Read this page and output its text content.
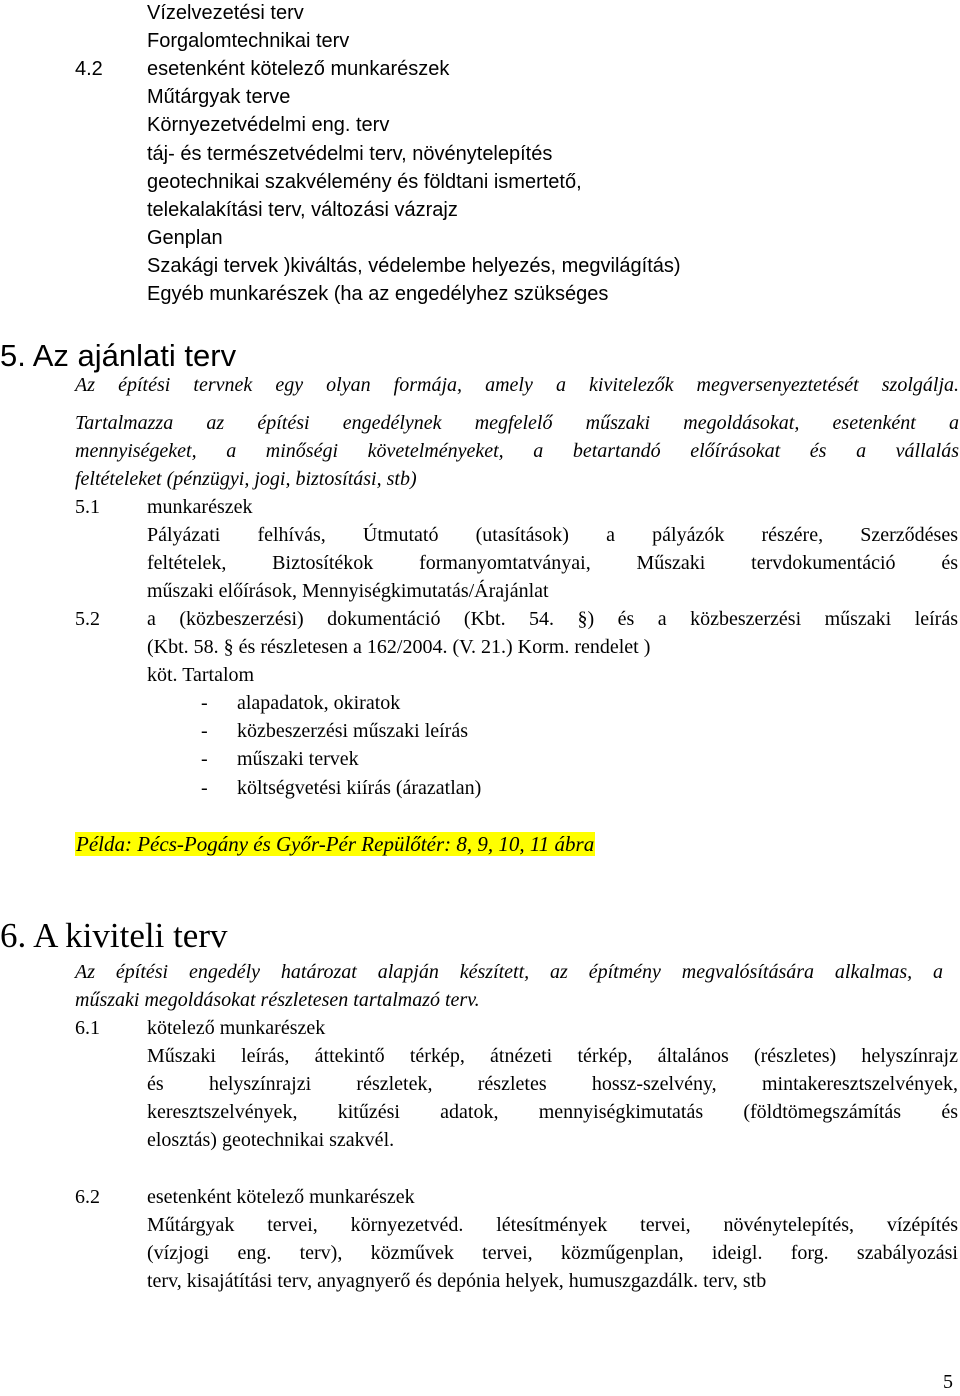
Vízelvezetési terv
Forgalomtechnikai terv
4.2 esetenként kötelező munkarészek
Műtárgyak terve
Környezetvédelmi eng. terv
táj- és természetvédelmi terv, növénytelepítés
geotechnikai szakvélemény és földtani ismertető,
telekalakítási terv, változási vázrajz
Genplan
Szakági tervek )kiváltás, védelembe helyezés, megvilágítás)
Egyéb munkarészek (ha az engedélyhez szükséges
5. Az ajánlati terv
Az építési tervnek egy olyan formája, amely a kivitelezők megversenyeztetését szolgálja.
Tartalmazza az építési engedélynek megfelelő műszaki megoldásokat, esetenként a
mennyiségeket, a minőségi követelményeket, a betartandó előírásokat és a vállalás
feltételeket (pénzügyi, jogi, biztosítási, stb)
5.1 munkarészek
Pályázati felhívás, Útmutató (utasítások) a pályázók részére, Szerződéses
feltételek, Biztosítékok formanyomtatványai, Műszaki tervdokumentáció és
műszaki előírások, Mennyiségkimutatás/Árajánlat
5.2 a (közbeszerzési) dokumentáció (Kbt. 54. §) és a közbeszerzési műszaki leírás
(Kbt. 58. § és részletesen a 162/2004. (V. 21.) Korm. rendelet )
köt. Tartalom
- alapadatok, okiratok
- közbeszerzési műszaki leírás
- műszaki tervek
- költségvetési kiírás (árazatlan)
Példa: Pécs-Pogány és Győr-Pér Repülőtér: 8, 9, 10, 11 ábra
6. A kiviteli terv
Az építési engedély határozat alapján készített, az építmény megvalósítására alkalmas, a
műszaki megoldásokat részletesen tartalmazó terv.
6.1 kötelező munkarészek
Műszaki leírás, áttekintő térkép, átnézeti térkép, általános (részletes) helyszínrajz
és helyszínrajzi részletek, részletes hossz-szelvény, mintakeresztszelvények,
keresztszelvények, kitűzési adatok, mennyiségkimutatás (földtömegszámítás és
elosztás) geotechnikai szakvél.
6.2 esetenként kötelező munkarészek
Műtárgyak tervei, környezetvéd. létesítmények tervei, növénytelepítés, vízépítés
(vízjogi eng. terv), közművek tervei, közműgenplan, ideigl. forg. szabályozási
terv, kisajátítási terv, anyagnyerő és depónia helyek, humuszgazdálk. terv, stb
5
